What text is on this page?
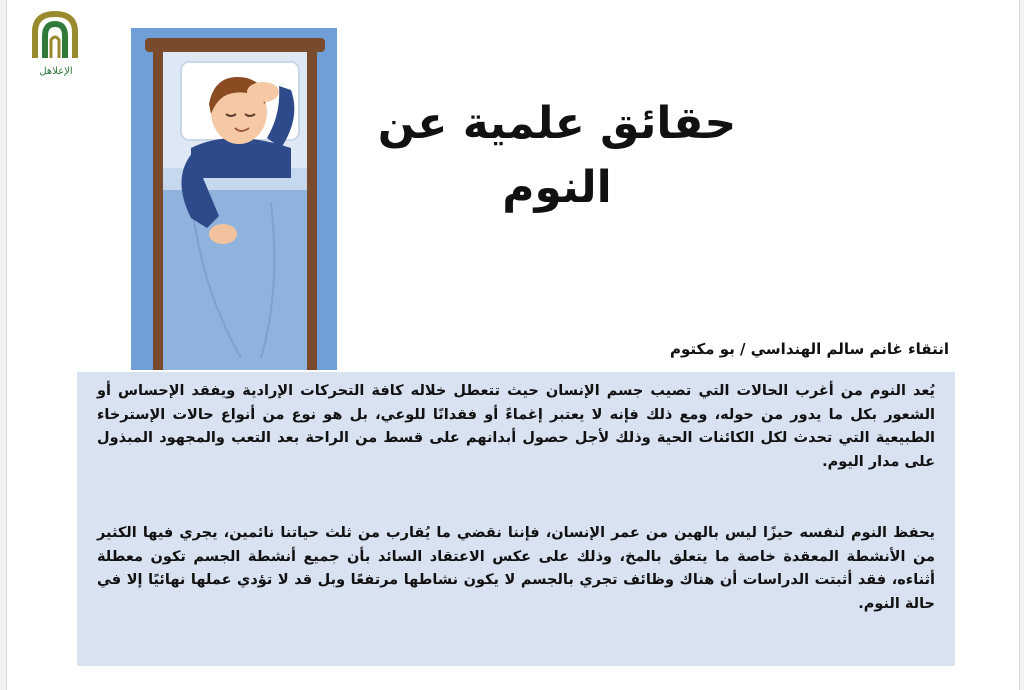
الإعلاهل
حقائق علمية عن
النوم
انتقاء غانم سالم الهنداسي / بو مكتوم

يُعد النوم من أغرب الحالات التي تصيب جسم الإنسان حيث تتعطل خلاله كافة التحركات الإرادية ويفقد الإحساس أو الشعور بكل ما يدور من حوله، ومع ذلك فإنه لا يعتبر إغماءً أو فقدانًا للوعي، بل هو نوع من أنواع حالات الإسترخاء الطبيعية التي تحدث لكل الكائنات الحية وذلك لأجل حصول أبدانهم على قسط من الراحة بعد التعب والمجهود المبذول على مدار اليوم.

يحفظ النوم لنفسه حيزًا ليس بالهين من عمر الإنسان، فإننا نقضي ما يُقارب من ثلث حياتنا نائمين، يجري فيها الكثير من الأنشطة المعقدة خاصة ما يتعلق بالمخ، وذلك على عكس الاعتقاد السائد بأن جميع أنشطة الجسم تكون معطلة أثناءه، فقد أثبتت الدراسات أن هناك وظائف تجري بالجسم لا يكون نشاطها مرتفعًا وبل قد لا تؤدي عملها نهائيًا إلا في حالة النوم.
